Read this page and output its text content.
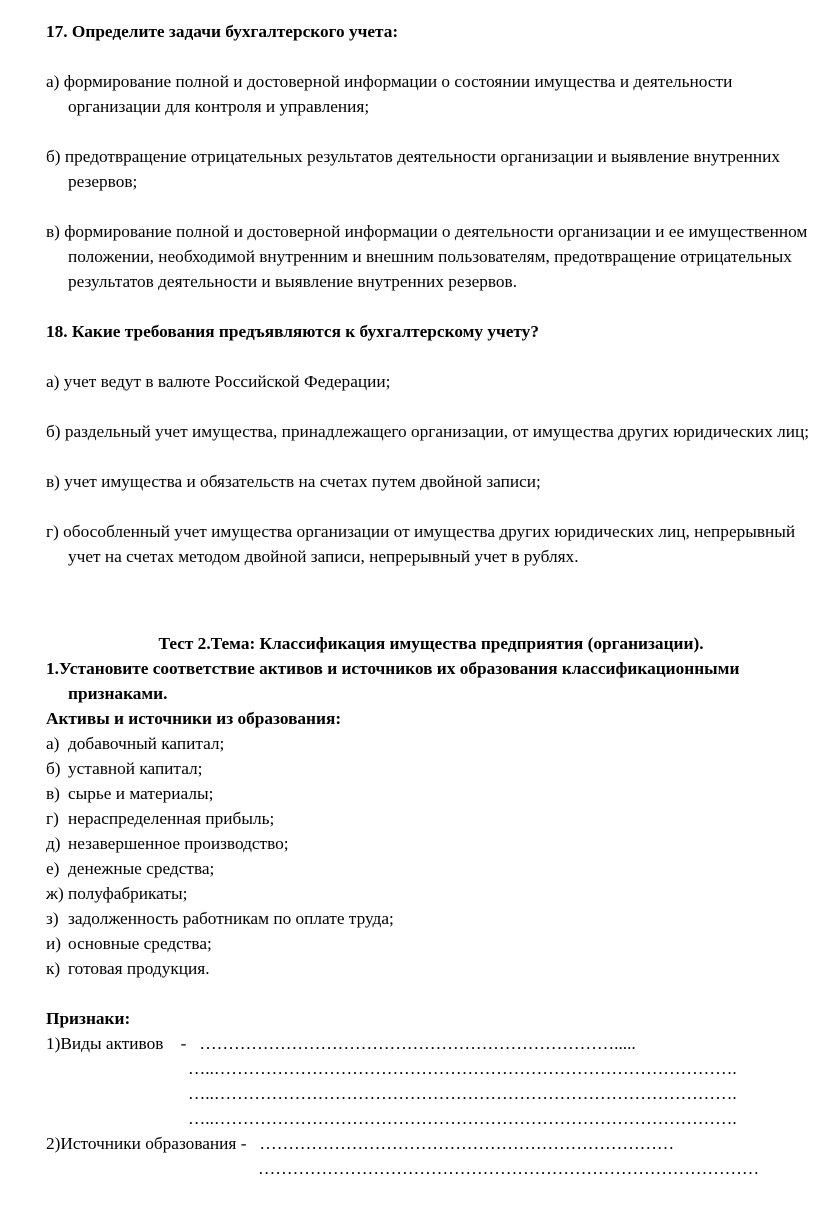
17. Определите задачи бухгалтерского учета:

а) формирование полной и достоверной информации о состоянии имущества и деятельности организации для контроля и управления;

б) предотвращение отрицательных результатов деятельности организации и выявление внутренних резервов;

в) формирование полной и достоверной информации о деятельности организации и ее имущественном положении, необходимой внутренним и внешним пользователям, предотвращение отрицательных результатов деятельности и выявление внутренних резервов.

18. Какие требования предъявляются к бухгалтерскому учету?

а) учет ведут в валюте Российской Федерации;

б) раздельный учет имущества, принадлежащего организации, от имущества других юридических лиц;

в) учет имущества и обязательств на счетах путем двойной записи;

г) обособленный учет имущества организации от имущества других юридических лиц, непрерывный учет на счетах методом двойной записи, непрерывный учет в рублях.

Тест 2.Тема: Классификация имущества предприятия (организации).

1.Установите соответствие активов и источников их образования классификационными признаками.

Активы и источники из образования:

а) добавочный капитал;

б) уставной капитал;

в) сырье и материалы;

г) нераспределенная прибыль;

д) незавершенное производство;

е) денежные средства;

ж) полуфабрикаты;

з) задолженность работникам по оплате труда;

и) основные средства;

к) готовая продукция.

Признаки:

1)Виды активов    - ……………………………………………………………….....

…..……………………………………………………………………………….

…..……………………………………………………………………………….

…..……………………………………………………………………………….

2)Источники образования - ………………………………………………………………

……………………………………………………………………………
